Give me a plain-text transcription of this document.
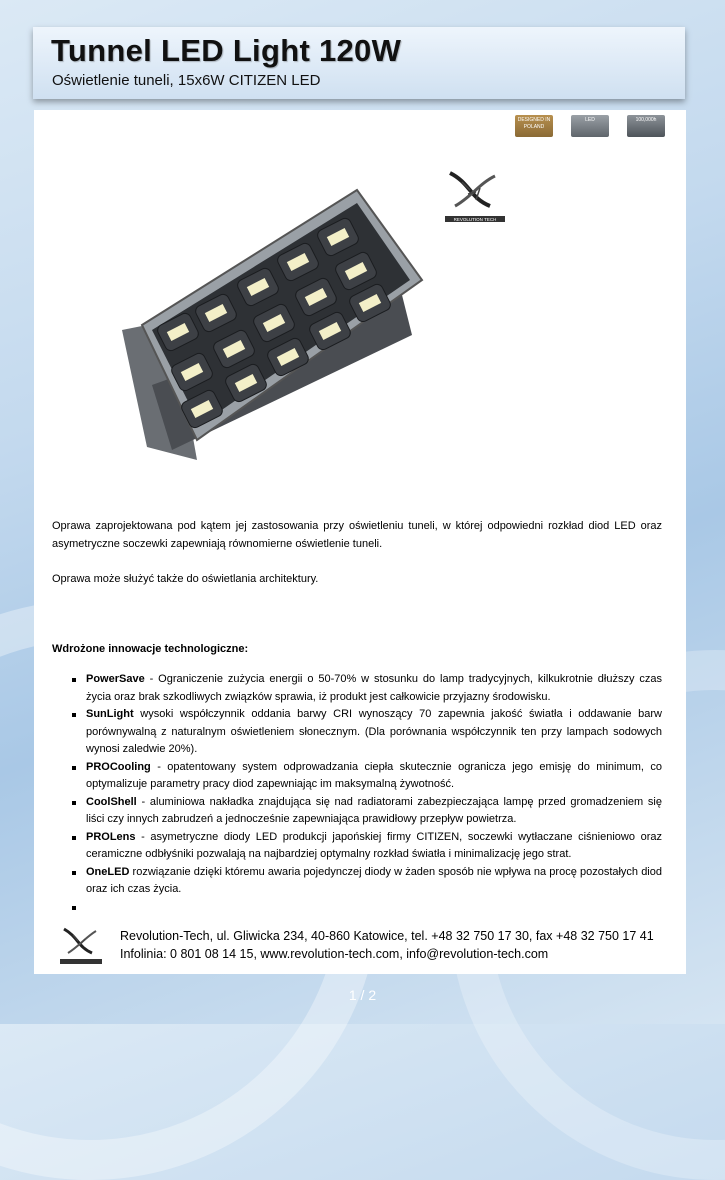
Tunnel LED Light 120W
Oświetlenie tuneli, 15x6W CITIZEN LED
DESIGNED IN POLAND
LED	100,000h
REVOLUTION TECH
Oprawa zaprojektowana pod kątem jej zastosowania przy oświetleniu tuneli, w której odpowiedni rozkład diod LED oraz asymetryczne soczewki zapewniają równomierne oświetlenie tuneli.
Oprawa może służyć także do oświetlania architektury.
Wdrożone innowacje technologiczne:
PowerSave - Ograniczenie zużycia energii o 50-70% w stosunku do lamp tradycyjnych, kilkukrotnie dłuższy czas życia oraz brak szkodliwych związków sprawia, iż produkt jest całkowicie przyjazny środowisku.
SunLight wysoki współczynnik oddania barwy CRI wynoszący 70 zapewnia jakość światła i oddawanie barw porównywalną z naturalnym oświetleniem słonecznym. (Dla porównania współczynnik ten przy lampach sodowych wynosi zaledwie 20%).
PROCooling - opatentowany system odprowadzania ciepła skutecznie ogranicza jego emisję do minimum, co optymalizuje parametry pracy diod zapewniając im maksymalną żywotność.
CoolShell - aluminiowa nakładka znajdująca się nad radiatorami zabezpieczająca lampę przed gromadzeniem się liści czy innych zabrudzeń a jednocześnie zapewniająca prawidłowy przepływ powietrza.
PROLens - asymetryczne diody LED produkcji japońskiej firmy CITIZEN, soczewki wytłaczane ciśnieniowo oraz ceramiczne odbłyśniki pozwalają na najbardziej optymalny rozkład światła i minimalizację jego strat.
OneLED rozwiązanie dzięki któremu awaria pojedynczej diody w żaden sposób nie wpływa na procę pozostałych diod oraz ich czas życia.

Revolution-Tech, ul. Gliwicka 234, 40-860 Katowice, tel. +48 32 750 17 30, fax +48 32 750 17 41
Infolinia: 0 801 08 14 15, www.revolution-tech.com, info@revolution-tech.com
1 / 2
